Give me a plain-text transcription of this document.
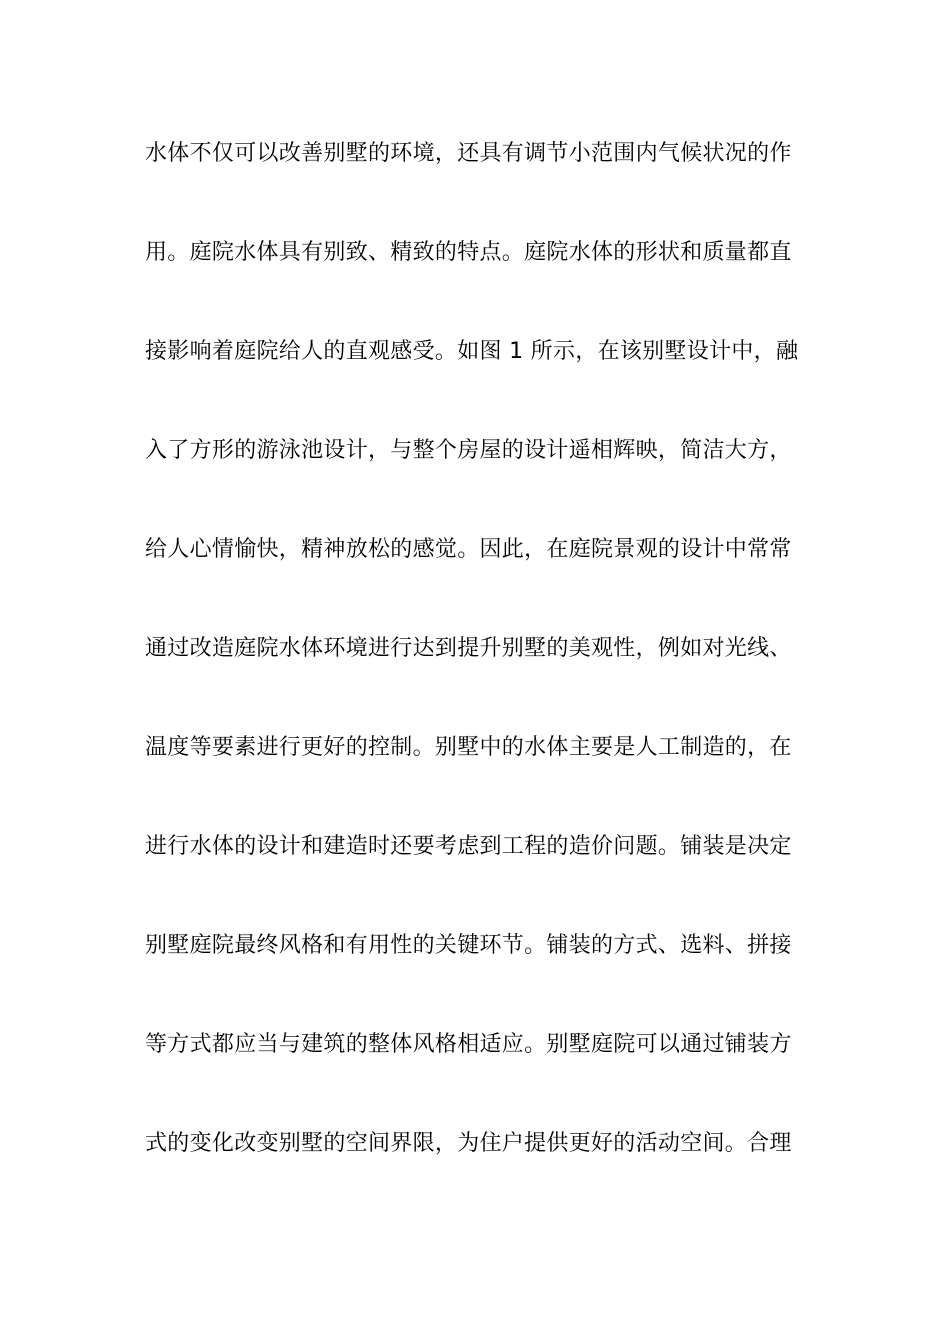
水体不仅可以改善别墅的环境，还具有调节小范围内气候状况的作
用。庭院水体具有别致、精致的特点。庭院水体的形状和质量都直
接影响着庭院给人的直观感受。如图 1 所示，在该别墅设计中，融
入了方形的游泳池设计，与整个房屋的设计遥相辉映，简洁大方，
给人心情愉快，精神放松的感觉。因此，在庭院景观的设计中常常
通过改造庭院水体环境进行达到提升别墅的美观性，例如对光线、
温度等要素进行更好的控制。别墅中的水体主要是人工制造的，在
进行水体的设计和建造时还要考虑到工程的造价问题。铺装是决定
别墅庭院最终风格和有用性的关键环节。铺装的方式、选料、拼接
等方式都应当与建筑的整体风格相适应。别墅庭院可以通过铺装方
式的变化改变别墅的空间界限，为住户提供更好的活动空间。合理
